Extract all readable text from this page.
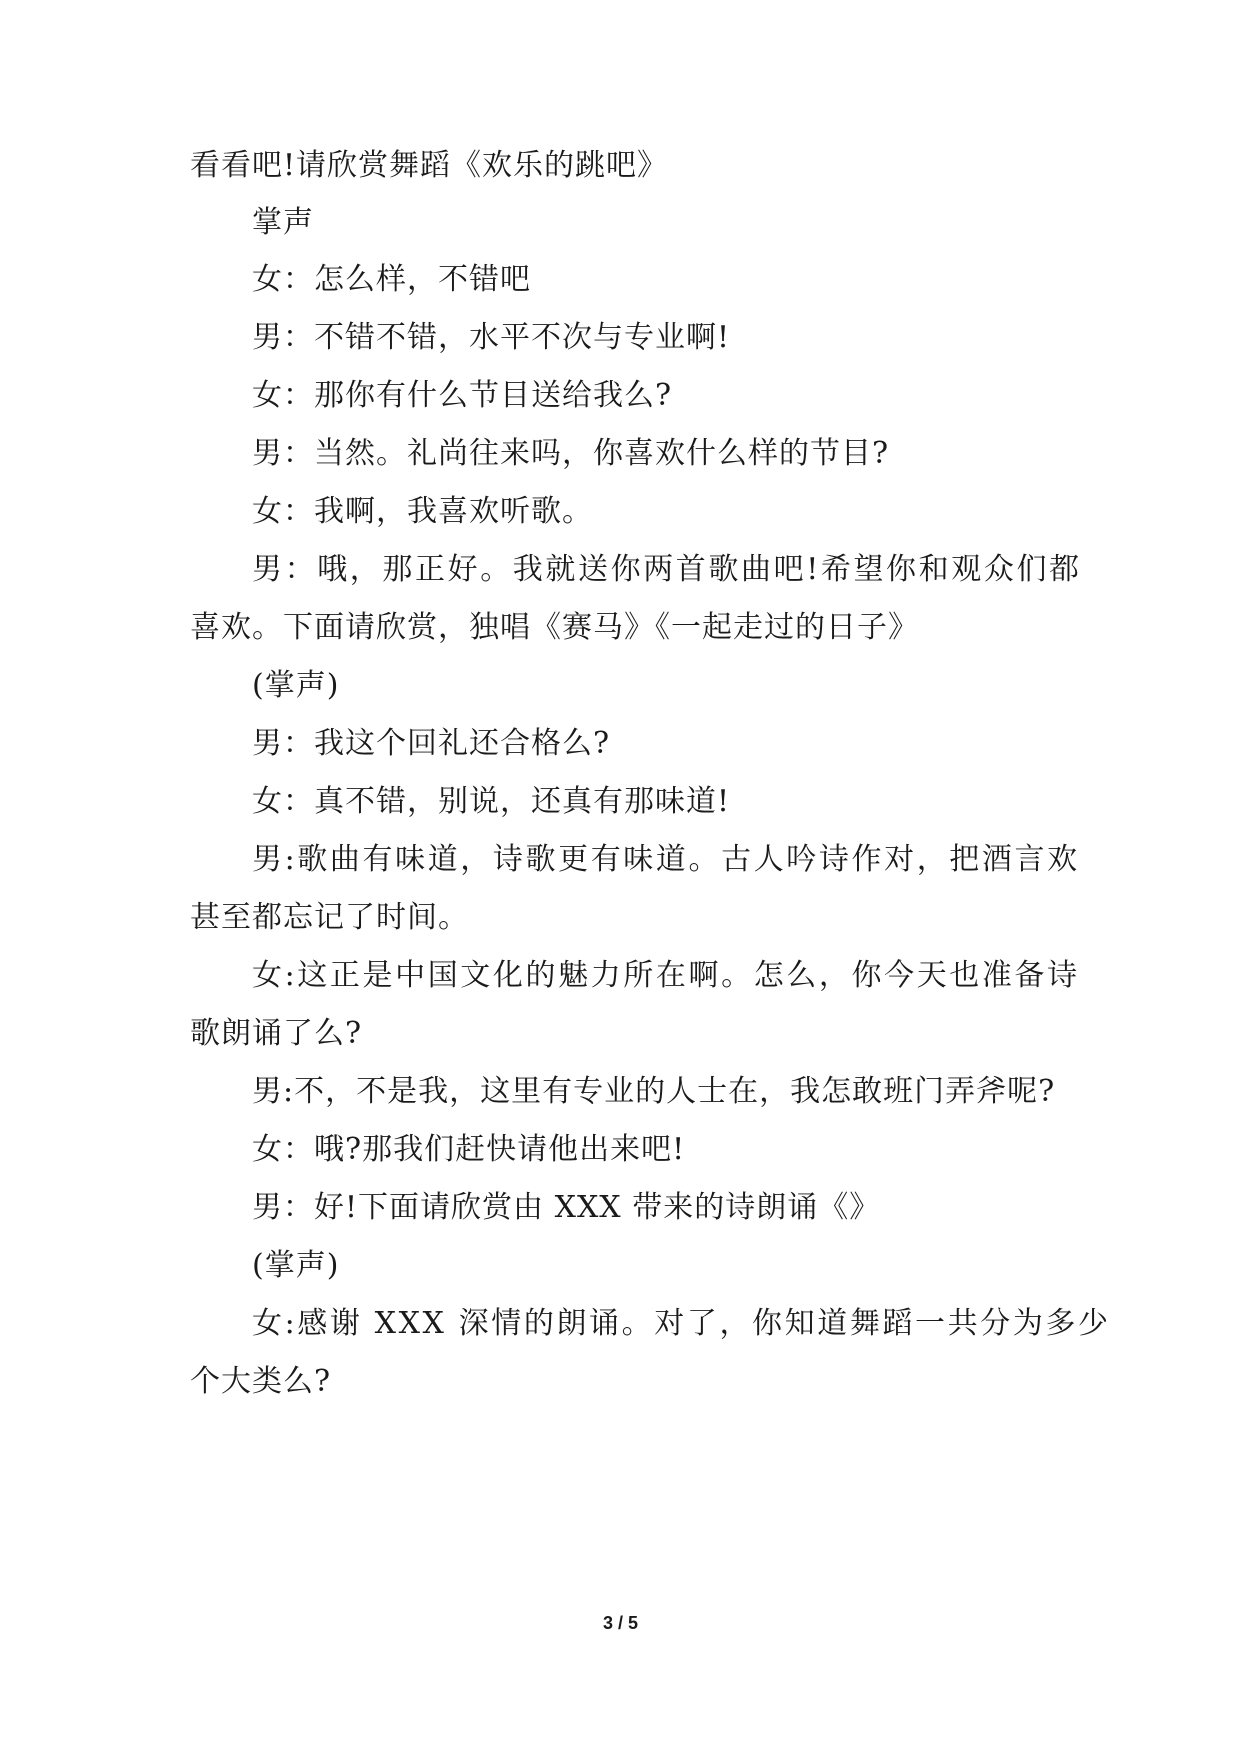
看看吧!请欣赏舞蹈《欢乐的跳吧》
掌声
女：怎么样，不错吧
男：不错不错，水平不次与专业啊!
女：那你有什么节目送给我么?
男：当然。礼尚往来吗，你喜欢什么样的节目?
女：我啊，我喜欢听歌。
男：哦，那正好。我就送你两首歌曲吧!希望你和观众们都
喜欢。下面请欣赏，独唱《赛马》《一起走过的日子》
(掌声)
男：我这个回礼还合格么?
女：真不错，别说，还真有那味道!
男:歌曲有味道，诗歌更有味道。古人吟诗作对，把酒言欢
甚至都忘记了时间。
女:这正是中国文化的魅力所在啊。怎么，你今天也准备诗
歌朗诵了么?
男:不，不是我，这里有专业的人士在，我怎敢班门弄斧呢?
女：哦?那我们赶快请他出来吧!
男：好!下面请欣赏由 XXX 带来的诗朗诵《》
(掌声)
女:感谢 XXX 深情的朗诵。对了，你知道舞蹈一共分为多少
个大类么?
3 / 5
